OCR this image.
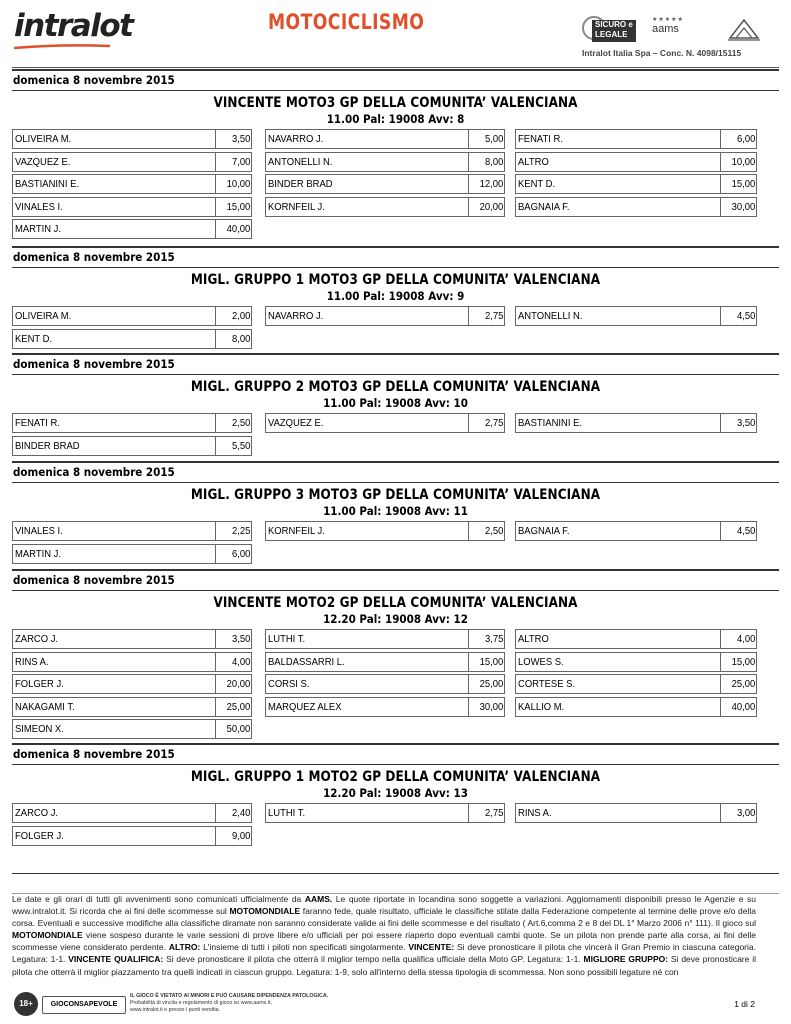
intralot	MOTOCICLISMO	SICURO e
LEGALE
★★★★★
aams
Intralot Italia Spa – Conc. N. 4098/15115
domenica 8 novembre 2015
VINCENTE MOTO3 GP DELLA COMUNITA’ VALENCIANA
11.00 Pal: 19008 Avv: 8
OLIVEIRA M.	3,50 NAVARRO J.	5,00 FENATI R.	6,00
VAZQUEZ E.	7,00 ANTONELLI N.	8,00 ALTRO	10,00
BASTIANINI E.	10,00 BINDER BRAD	12,00 KENT D.	15,00
VINALES I.	15,00 KORNFEIL J.	20,00 BAGNAIA F.	30,00
MARTIN J.	40,00
domenica 8 novembre 2015
MIGL. GRUPPO 1 MOTO3 GP DELLA COMUNITA’ VALENCIANA
11.00 Pal: 19008 Avv: 9
OLIVEIRA M.	2,00 NAVARRO J.	2,75 ANTONELLI N.	4,50
KENT D.	8,00
domenica 8 novembre 2015
MIGL. GRUPPO 2 MOTO3 GP DELLA COMUNITA’ VALENCIANA
11.00 Pal: 19008 Avv: 10
FENATI R.	2,50 VAZQUEZ E.	2,75 BASTIANINI E.	3,50
BINDER BRAD	5,50
domenica 8 novembre 2015
MIGL. GRUPPO 3 MOTO3 GP DELLA COMUNITA’ VALENCIANA
11.00 Pal: 19008 Avv: 11
VINALES I.	2,25 KORNFEIL J.	2,50 BAGNAIA F.	4,50
MARTIN J.	6,00
domenica 8 novembre 2015
VINCENTE MOTO2 GP DELLA COMUNITA’ VALENCIANA
12.20 Pal: 19008 Avv: 12
ZARCO J.	3,50 LUTHI T.	3,75 ALTRO	4,00
RINS A.	4,00 BALDASSARRI L.	15,00 LOWES S.	15,00
FOLGER J.	20,00 CORSI S.	25,00 CORTESE S.	25,00
NAKAGAMI T.	25,00 MARQUEZ ALEX	30,00 KALLIO M.	40,00
SIMEON X.	50,00
domenica 8 novembre 2015
MIGL. GRUPPO 1 MOTO2 GP DELLA COMUNITA’ VALENCIANA
12.20 Pal: 19008 Avv: 13
ZARCO J.	2,40 LUTHI T.	2,75 RINS A.	3,00
FOLGER J.	9,00
Le date e gli orari di tutti gli avvenimenti sono comunicati ufficialmente da AAMS. Le quote riportate in locandina sono soggette a variazioni. Aggiornamenti disponibili presso le Agenzie e su www.intralot.it. Si ricorda che ai fini delle scommesse sul MOTOMONDIALE faranno fede, quale risultato, ufficiale le classifiche stilate dalla Federazione competente al termine delle prove e/o della corsa. Eventuali e successive modifiche alla classifiche diramate non saranno considerate valide ai fini delle scommesse e del risultato ( Art.6,comma 2 e 8 del DL 1° Marzo 2006 n° 111). Il gioco sul MOTOMONDIALE viene sospeso durante le varie sessioni di prove libere e/o ufficiali per poi essere riaperto dopo eventuali cambi quote. Se un pilota non prende parte alla corsa, ai fini delle scommesse viene considerato perdente. ALTRO: L'insieme di tutti i piloti non specificati singolarmente. VINCENTE: Si deve pronosticare il pilota che vincerà il Gran Premio in ciascuna categoria. Legatura: 1-1. VINCENTE QUALIFICA: Si deve pronosticare il pilota che otterrà il miglior tempo nella qualifica ufficiale della Moto GP. Legatura: 1-1. MIGLIORE GRUPPO: Si deve pronosticare il pilota che otterrà il miglior piazzamento tra quelli indicati in ciascun gruppo. Legatura: 1-9, solo all'interno della stessa tipologia di scommessa. Non sono possibili legature né con
18+	GIOCONSAPEVOLE
IL GIOCO È VIETATO AI MINORI E PUÒ CAUSARE DIPENDENZA PATOLOGICA.
Probabilità di vincita e regolamento di gioco su www.aams.it,
www.intralot.it e presso i punti vendita.
1 di 2
